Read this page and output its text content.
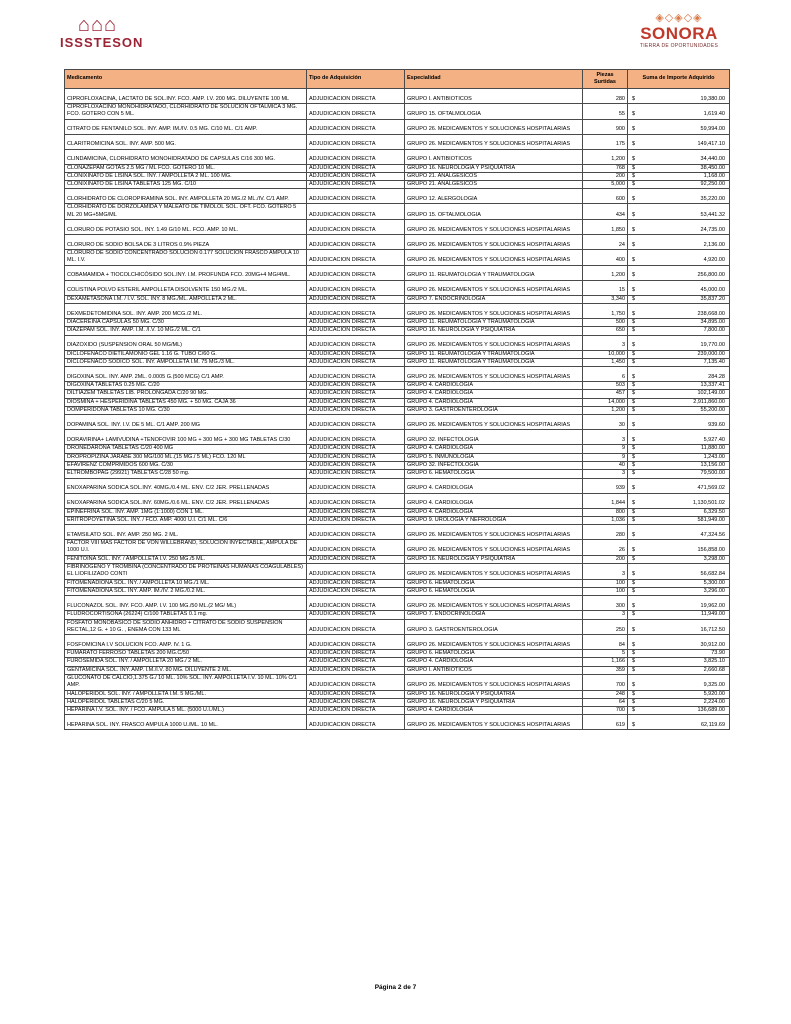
⌂⌂⌂
ISSSTESON
◈◇◈◇◈
SONORA
TIERRA DE OPORTUNIDADES
Medicamento	Tipo de Adquisición	Especialidad	Piezas Surtidas	Suma de Importe Adquirido
CIPROFLOXACINA, LACTATO DE SOL.INY. FCO. AMP. I.V. 200 MG. DILUYENTE 100 ML	ADJUDICACION DIRECTA	GRUPO I. ANTIBIOTICOS	280	$ 19,380.00

CIPROFLOXACINO MONOHIDRATADO, CLORHIDRATO DE SOLUCIÓN OFTALMICA 3 MG. FCO. GOTERO CON 5 ML.	ADJUDICACION DIRECTA	GRUPO 15. OFTALMOLOGIA	55	$ 1,619.40

CITRATO DE FENTANILO SOL. INY. AMP. IM./IV. 0.5 MG. C/10 ML. C/1 AMP.	ADJUDICACION DIRECTA	GRUPO 26. MEDICAMENTOS Y SOLUCIONES HOSPITALARIAS	900	$ 59,994.00

CLARITROMICINA SOL. INY. AMP. 500 MG.	ADJUDICACION DIRECTA	GRUPO 26. MEDICAMENTOS Y SOLUCIONES HOSPITALARIAS	175	$ 149,417.10

CLINDAMICINA, CLORHIDRATO MONOHIDRATADO DE CAPSULAS C/16 300 MG.	ADJUDICACION DIRECTA	GRUPO I. ANTIBIOTICOS	1,200	$ 34,440.00

CLONAZEPAM GOTAS 2.5 MG / ML FCO. GOTERO 10 ML.	ADJUDICACION DIRECTA	GRUPO 16. NEUROLOGIA Y PSIQUIATRIA	768	$ 38,450.00

CLONIXINATO DE LISINA SOL. INY. / AMPOLLETA 2 ML. 100 MG.	ADJUDICACION DIRECTA	GRUPO 21. ANALGÉSICOS	200	$ 1,168.00

CLONIXINATO DE LISINA TABLETAS 125 MG. C/10	ADJUDICACION DIRECTA	GRUPO 21. ANALGÉSICOS	5,000	$ 92,250.00

CLORHIDRATO DE CLOROPIRAMINA SOL. INY. AMPOLLETA 20 MG./2 ML./IV. C/1 AMP.	ADJUDICACION DIRECTA	GRUPO 12. ALERGOLOGIA	600	$ 35,220.00

CLORHIDRATO DE DORZOLAMIDA Y MALEATO DE TIMOLOL SOL. OFT. FCO. GOTERO 5 ML 20 MG+5MG/ML	ADJUDICACION DIRECTA	GRUPO 15. OFTALMOLOGIA	434	$ 53,441.32

CLORURO DE POTASIO SOL. INY. 1.49 G/10 ML. FCO. AMP. 10 ML.	ADJUDICACION DIRECTA	GRUPO 26. MEDICAMENTOS Y SOLUCIONES HOSPITALARIAS	1,850	$ 24,735.00

CLORURO DE SODIO BOLSA DE 3 LITROS 0.9% PIEZA	ADJUDICACION DIRECTA	GRUPO 26. MEDICAMENTOS Y SOLUCIONES HOSPITALARIAS	24	$ 2,136.00

CLORURO DE SODIO CONCENTRADO SOLUCION 0.177 SOLUCION FRASCO AMPULA 10 ML. I.V.	ADJUDICACION DIRECTA	GRUPO 26. MEDICAMENTOS Y SOLUCIONES HOSPITALARIAS	400	$ 4,920.00

COBAMAMIDA + TIOCOLCHICÓSIDO SOL.INY. I.M. PROFUNDA FCO. 20MG+4 MG/4ML.	ADJUDICACION DIRECTA	GRUPO 11. REUMATOLOGIA Y TRAUMATOLOGIA	1,200	$ 256,800.00

COLISTINA POLVO ESTERIL AMPOLLETA DISOLVENTE 150 MG./2 ML.	ADJUDICACION DIRECTA	GRUPO 26. MEDICAMENTOS Y SOLUCIONES HOSPITALARIAS	15	$ 45,000.00

DEXAMETASONA I.M. / I.V. SOL. INY. 8 MG./ML. AMPOLLETA 2 ML.	ADJUDICACION DIRECTA	GRUPO 7. ENDOCRINOLOGIA	3,340	$ 35,837.20

DEXMEDETOMIDINA SOL. INY. AMP. 200 MCG./2 ML.	ADJUDICACION DIRECTA	GRUPO 26. MEDICAMENTOS Y SOLUCIONES HOSPITALARIAS	1,750	$ 238,668.00

DIACEREINA CAPSULAS 50 MG. C/30	ADJUDICACION DIRECTA	GRUPO 11. REUMATOLOGIA Y TRAUMATOLOGIA	500	$ 34,895.00

DIAZEPAM SOL. INY. AMP. I.M. /I.V. 10 MG./2 ML. C/1	ADJUDICACION DIRECTA	GRUPO 16. NEUROLOGIA Y PSIQUIATRIA	650	$ 7,800.00

DIAZOXIDO (SUSPENSION ORAL 50 MG/ML)	ADJUDICACION DIRECTA	GRUPO 26. MEDICAMENTOS Y SOLUCIONES HOSPITALARIAS	3	$ 19,770.00

DICLOFENACO DIETILAMONIO GEL 1.16 G. TUBO C/60 G.	ADJUDICACION DIRECTA	GRUPO 11. REUMATOLOGIA Y TRAUMATOLOGIA	10,000	$ 239,000.00

DICLOFENACO SODICO SOL. INY. AMPOLLETA I.M. 75 MG./3 ML.	ADJUDICACION DIRECTA	GRUPO 11. REUMATOLOGIA Y TRAUMATOLOGIA	1,450	$ 7,135.40

DIGOXINA SOL. INY. AMP. 2ML. 0.0005 G.(500 MCG) C/1 AMP.	ADJUDICACION DIRECTA	GRUPO 26. MEDICAMENTOS Y SOLUCIONES HOSPITALARIAS	6	$ 284.28

DIGOXINA TABLETAS 0.25 MG. C/20	ADJUDICACION DIRECTA	GRUPO 4. CARDIOLOGIA	503	$ 13,337.41

DILTIAZEM TABLETAS LIB. PROLONGADA C/20 90 MG.	ADJUDICACION DIRECTA	GRUPO 4. CARDIOLOGIA	457	$ 102,149.00

DIOSMINA + HESPERIDINA TABLETAS 450 MG. + 50 MG. CAJA 36	ADJUDICACION DIRECTA	GRUPO 4. CARDIOLOGIA	14,000	$ 2,911,860.00

DOMPERIDONA TABLETAS 10 MG. C/30	ADJUDICACION DIRECTA	GRUPO 3. GASTROENTEROLOGIA	1,200	$ 55,200.00

DOPAMINA SOL. INY. I.V. DE 5 ML. C/1 AMP. 200 MG	ADJUDICACION DIRECTA	GRUPO 26. MEDICAMENTOS Y SOLUCIONES HOSPITALARIAS	30	$ 939.60

DORAVIRINA+ LAMIVUDINA +TENOFOVIR 100 MG + 300 MG + 300 MG TABLETAS C/30	ADJUDICACION DIRECTA	GRUPO 32. INFECTOLOGIA	3	$ 5,927.40

DRONEDARONA TABLETAS C/20 400 MG	ADJUDICACION DIRECTA	GRUPO 4. CARDIOLOGIA	9	$ 11,880.00

DROPROPIZINA JARABE 300 MG/100 ML.(15 MG./ 5 ML) FCO. 120 ML	ADJUDICACION DIRECTA	GRUPO 5. INMUNOLOGIA	9	$ 1,243.00

EFAVIRENZ COMPRMIDOS 600 MG. C/30	ADJUDICACION DIRECTA	GRUPO 32. INFECTOLOGIA	40	$ 13,156.00

ELTROMBOPAG (29921) TABLETAS C/28 50 mg.	ADJUDICACION DIRECTA	GRUPO 6. HEMATOLOGIA	3	$ 79,500.00

ENOXAPARINA SODICA SOL.INY. 40MG./0.4 ML. ENV. C/2 JER. PRELLENADAS	ADJUDICACION DIRECTA	GRUPO 4. CARDIOLOGIA	939	$ 471,569.02

ENOXAPARINA SODICA SOL.INY. 60MG./0.6 ML. ENV. C/2 JER. PRELLENADAS	ADJUDICACION DIRECTA	GRUPO 4. CARDIOLOGIA	1,844	$ 1,130,501.02

EPINEFRINA SOL. INY. AMP. 1MG (1:1000) CON 1 ML.	ADJUDICACION DIRECTA	GRUPO 4. CARDIOLOGIA	800	$ 6,329.50

ERITROPOYETINA SOL. INY. / FCO. AMP. 4000 U.I. C/1 ML. C/6	ADJUDICACION DIRECTA	GRUPO 9. UROLOGIA Y NEFROLOGIA	1,036	$ 581,949.00

ETAMSILATO SOL. INY. AMP. 250 MG. 2 ML.	ADJUDICACION DIRECTA	GRUPO 26. MEDICAMENTOS Y SOLUCIONES HOSPITALARIAS	280	$ 47,324.56

FACTOR VIII MAS FACTOR DE VON WILLEBRAND, SOLUCION INYECTABLE, AMPULA DE 1000 U.I.	ADJUDICACION DIRECTA	GRUPO 26. MEDICAMENTOS Y SOLUCIONES HOSPITALARIAS	26	$ 156,858.00

FENITOINA SOL. INY. / AMPOLLETA I.V. 250 MG./5 ML.	ADJUDICACION DIRECTA	GRUPO 16. NEUROLOGIA Y PSIQUIATRIA	200	$ 3,298.00

FIBRINOGENO Y TROMBINA (CONCENTRADO DE PROTEINAS HUMANAS COAGULABLES) EL LIOFILIZADO CONTI	ADJUDICACION DIRECTA	GRUPO 26. MEDICAMENTOS Y SOLUCIONES HOSPITALARIAS	3	$ 56,682.84

FITOMENADIONA SOL. INY. / AMPOLLETA 10 MG./1 ML.	ADJUDICACION DIRECTA	GRUPO 6. HEMATOLOGIA	100	$ 5,300.00

FITOMENADIONA SOL. INY. AMP. IM./IV. 2 MG./0.2 ML.	ADJUDICACION DIRECTA	GRUPO 6. HEMATOLOGIA	100	$ 3,296.00

FLUCONAZOL SOL. INY. FCO. AMP. I.V. 100 MG./50 ML.(2 MG/ ML)	ADJUDICACION DIRECTA	GRUPO 26. MEDICAMENTOS Y SOLUCIONES HOSPITALARIAS	300	$ 19,962.00

FLUDROCORTISONA (26224) C/100 TABLETAS 0.1 mg.	ADJUDICACION DIRECTA	GRUPO 7. ENDOCRINOLOGIA	3	$ 11,949.00

FOSFATO MONOBASICO DE SODIO ANHIDRO + CITRATO DE SODIO SUSPENSIÓN RECTAL,12 G. + 10 G. , ENEMA CON 133 ML	ADJUDICACION DIRECTA	GRUPO 3. GASTROENTEROLOGIA	250	$ 16,712.50

FOSFOMICINA I.V SOLUCION FCO. AMP. IV. 1 G.	ADJUDICACION DIRECTA	GRUPO 26. MEDICAMENTOS Y SOLUCIONES HOSPITALARIAS	84	$ 30,912.00

FUMARATO FERROSO TABLETAS 200 MG.C/50	ADJUDICACION DIRECTA	GRUPO 6. HEMATOLOGIA	5	$ 73.90

FUROSEMIDA SOL. INY. / AMPOLLETA 20 MG./ 2 ML.	ADJUDICACION DIRECTA	GRUPO 4. CARDIOLOGIA	1,166	$ 3,825.10

GENTAMICINA SOL. INY. AMP. I.M./I.V. 80 MG. DILUYENTE 2 ML.	ADJUDICACION DIRECTA	GRUPO I. ANTIBIOTICOS	359	$ 2,660.68

GLUCONATO DE CALCIO,1.375 G./ 10 ML. 10% SOL. INY. AMPOLLETA I.V. 10 ML. 10% C/1 AMP.	ADJUDICACION DIRECTA	GRUPO 26. MEDICAMENTOS Y SOLUCIONES HOSPITALARIAS	700	$ 9,325.00

HALOPERIDOL SOL. INY. / AMPOLLETA I.M. 5 MG./ML.	ADJUDICACION DIRECTA	GRUPO 16. NEUROLOGIA Y PSIQUIATRIA	248	$ 5,920.00

HALOPERIDOL TABLETAS C/20 5 MG.	ADJUDICACION DIRECTA	GRUPO 16. NEUROLOGIA Y PSIQUIATRIA	64	$ 2,224.00

HEPARINA I.V. SOL. INY. / FCO. AMPULA 5 ML. (5000 U.I./ML.)	ADJUDICACION DIRECTA	GRUPO 4. CARDIOLOGIA	700	$ 136,689.00

HEPARINA SOL. INY. FRASCO AMPULA 1000 U./ML. 10 ML.	ADJUDICACION DIRECTA	GRUPO 26. MEDICAMENTOS Y SOLUCIONES HOSPITALARIAS	619	$ 62,119.69
Página 2 de 7
